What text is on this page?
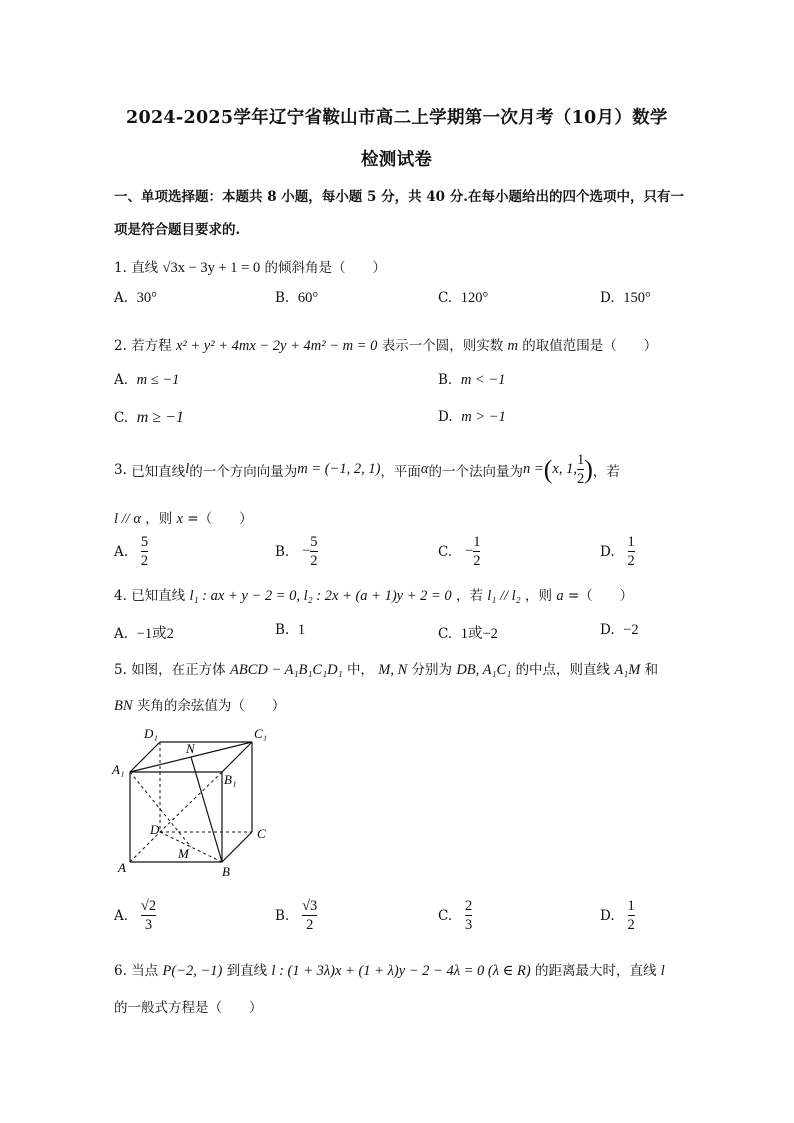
2024-2025学年辽宁省鞍山市高二上学期第一次月考（10月）数学
检测试卷
一、单项选择题：本题共 8 小题，每小题 5 分，共 40 分.在每小题给出的四个选项中，只有一
项是符合题目要求的.
1. 直线 √3x − 3y + 1 = 0 的倾斜角是（　　）
A. 30°	B. 60°	C. 120°	D. 150°
2. 若方程 x² + y² + 4mx − 2y + 4m² − m = 0 表示一个圆，则实数 m 的取值范围是（　　）
A. m ≤ −1	B. m < −1
C. m ≥ −1	D. m > −1
3.
已知直线 l 的一个方向向量为 m = (−1, 2, 1) ，平面 α 的一个法向量为 n = ( x, 1, $\frac{1}{2}$ ) ，若
l // α ，则 x =（　　）
A.
$\frac{5}{2}$	B.
− $\frac{5}{2}$	C.
− $\frac{1}{2}$	D.
$\frac{1}{2}$
4. 已知直线 l₁ : ax + y − 2 = 0, l₂ : 2x + (a + 1)y + 2 = 0 ，若 l₁ // l₂ ，则 a =（　　）
A. −1或2	B. 1	C. 1或−2	D. −2
5. 如图，在正方体 ABCD − A₁B₁C₁D₁ 中， M, N 分别为 DB, A₁C₁ 的中点，则直线 A₁M 和
BN 夹角的余弦值为（　　）
D₁
N
C₁
A₁
B₁
D	C
M
A	B
A.
$\frac{√2}{3}$	B.
$\frac{√3}{2}$	C.
$\frac{2}{3}$	D.
$\frac{1}{2}$
6. 当点 P(−2, −1) 到直线 l : (1 + 3λ)x + (1 + λ)y − 2 − 4λ = 0 (λ ∈ R) 的距离最大时，直线 l
的一般式方程是（　　）
